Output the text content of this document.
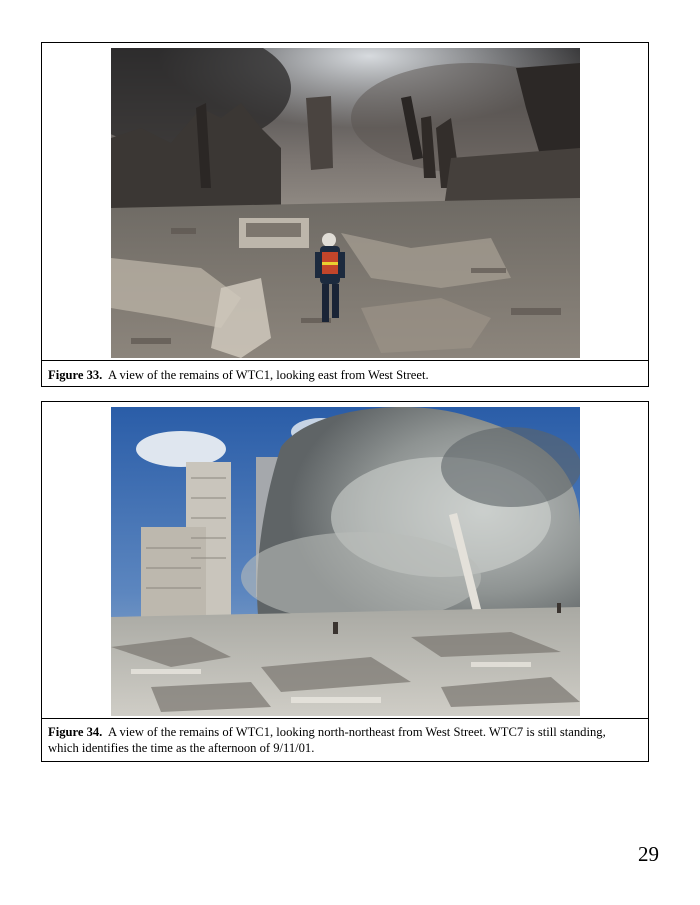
Figure 33. A view of the remains of WTC1, looking east from West Street.
Figure 34. A view of the remains of WTC1, looking north-northeast from West Street. WTC7 is still standing, which identifies the time as the afternoon of 9/11/01.
29
